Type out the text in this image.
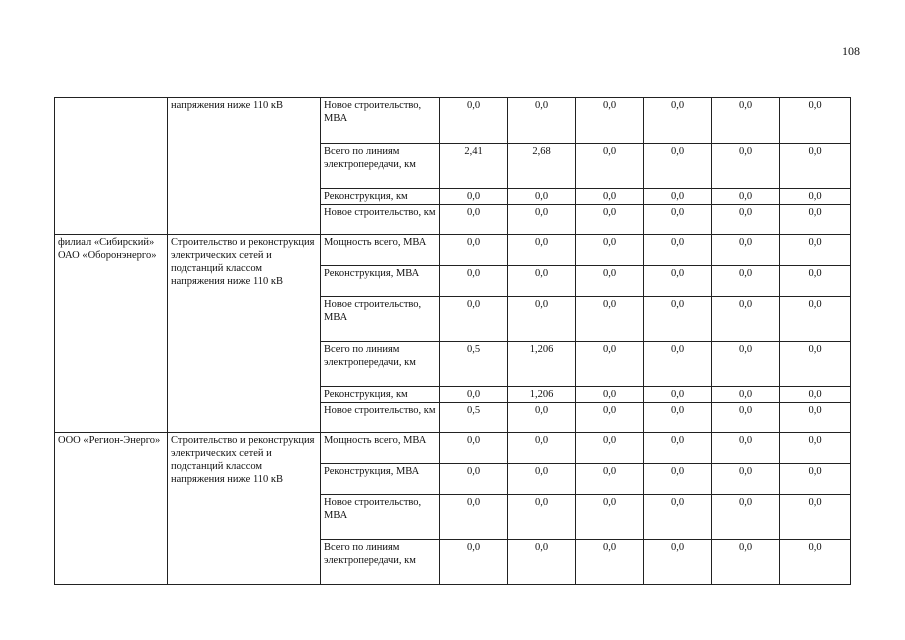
108
	напряжения ниже 110 кВ	Новое строительство, МВА	0,0	0,0	0,0	0,0	0,0	0,0
		Всего по линиям электропередачи, км	2,41	2,68	0,0	0,0	0,0	0,0
		Реконструкция, км	0,0	0,0	0,0	0,0	0,0	0,0
		Новое строительство, км	0,0	0,0	0,0	0,0	0,0	0,0
филиал «Сибирский» ОАО «Оборонэнерго»	Строительство и реконструкция электрических сетей и подстанций классом напряжения ниже 110 кВ	Мощность всего, МВА	0,0	0,0	0,0	0,0	0,0	0,0
		Реконструкция, МВА	0,0	0,0	0,0	0,0	0,0	0,0
		Новое строительство, МВА	0,0	0,0	0,0	0,0	0,0	0,0
		Всего по линиям электропередачи, км	0,5	1,206	0,0	0,0	0,0	0,0
		Реконструкция, км	0,0	1,206	0,0	0,0	0,0	0,0
		Новое строительство, км	0,5	0,0	0,0	0,0	0,0	0,0
ООО «Регион-Энерго»	Строительство и реконструкция электрических сетей и подстанций классом напряжения ниже 110 кВ	Мощность всего, МВА	0,0	0,0	0,0	0,0	0,0	0,0
		Реконструкция, МВА	0,0	0,0	0,0	0,0	0,0	0,0
		Новое строительство, МВА	0,0	0,0	0,0	0,0	0,0	0,0
		Всего по линиям электропередачи, км	0,0	0,0	0,0	0,0	0,0	0,0
